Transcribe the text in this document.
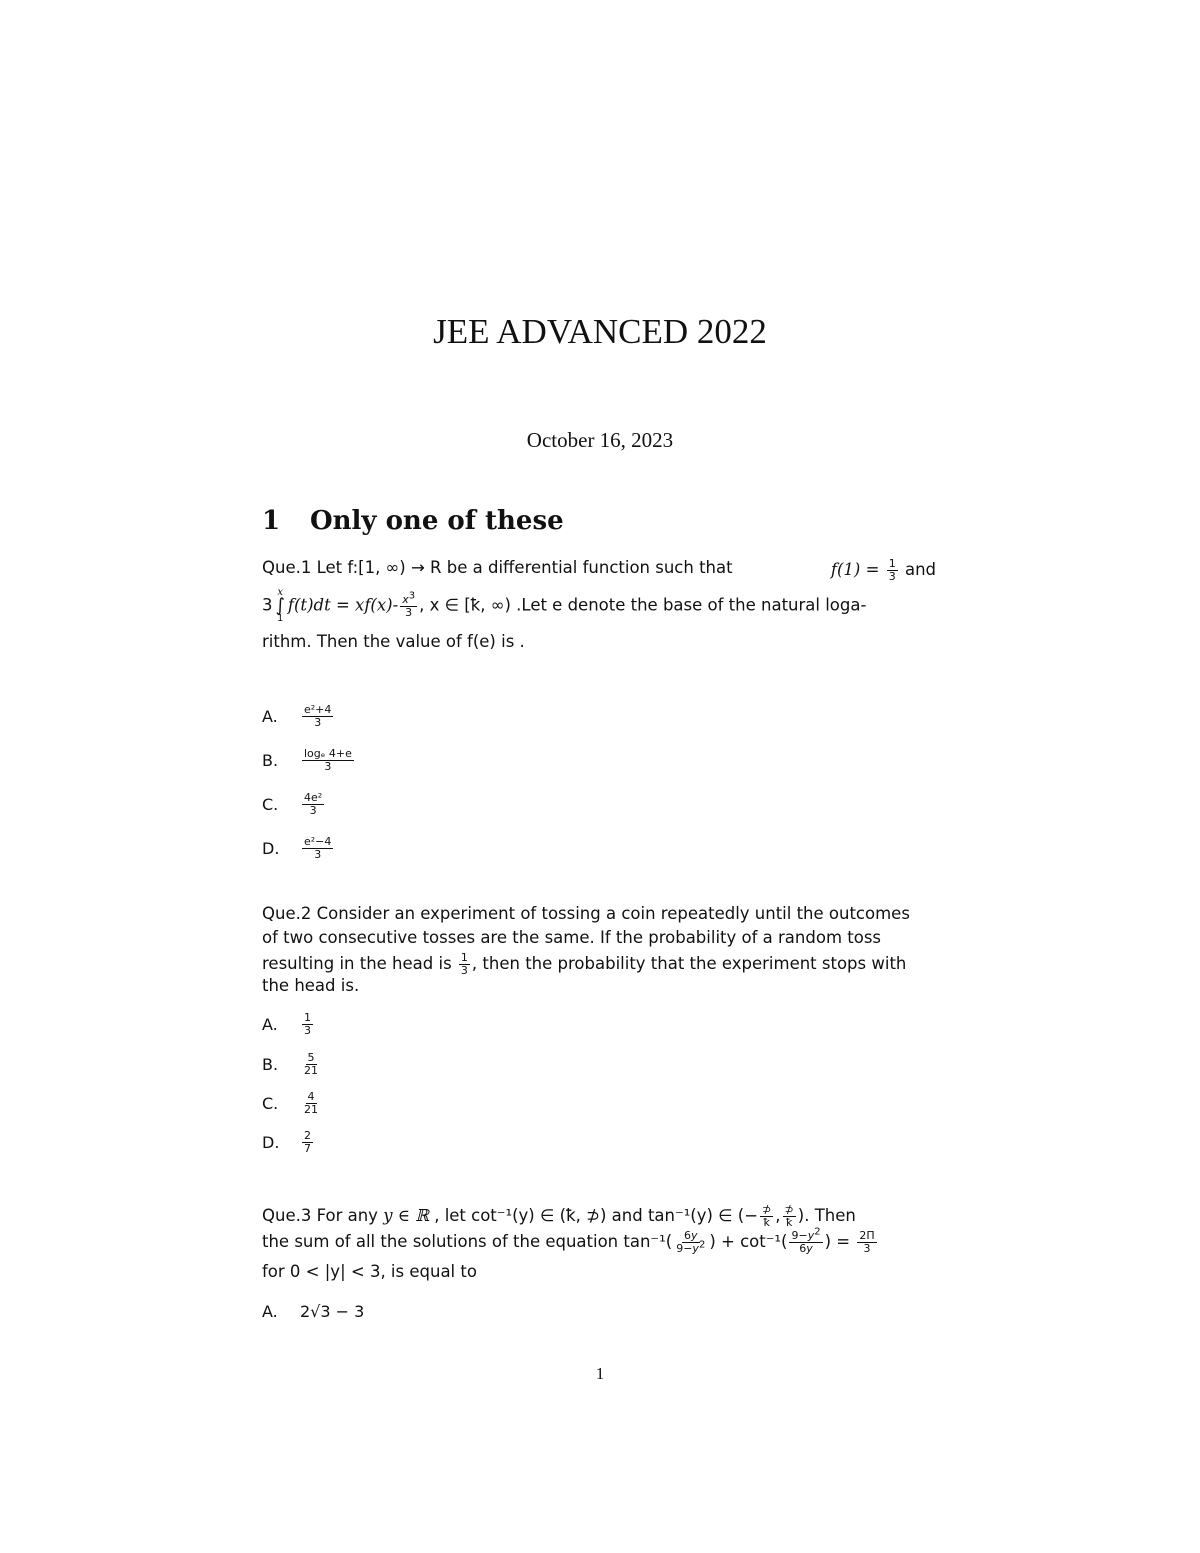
JEE ADVANCED 2022
October 16, 2023
1 Only one of these
Que.1 Let f:[1, ∞) → R be a differential function such that	$f(1) = \frac{1}{3}$ and
3
x
∫
1
$f(t)dt = xf(x)- \frac{x^3}{3}$ , x ∈ [ꝁ, ∞) .Let e denote the base of the natural loga-
rithm. Then the value of f(e) is .
A.	$\frac{\text{e²+4}}{3}$
B.	$\frac{\text{logₑ 4+e}}{3}$
C.	$\frac{\text{4e²}}{3}$
D.	$\frac{\text{e²−4}}{3}$
Que.2 Consider an experiment of tossing a coin repeatedly until the outcomes
of two consecutive tosses are the same. If the probability of a random toss
resulting in the head is $\frac{1}{3}$ , then the probability that the experiment stops with
the head is.
A.	$\frac{1}{3}$
B.	$\frac{5}{21}$
C.	$\frac{4}{21}$
D.	$\frac{2}{7}$
Que.3 For any y ∈ ℝ , let cot⁻¹(y) ∈ (ꝁ, ⊅) and tan⁻¹(y) ∈ (− $\frac{⊅}{\text{ꝁ}}$ , $\frac{⊅}{\text{ꝁ}}$ ). Then
the sum of all the solutions of the equation $\tan^{-1}( \frac{6y}{9-y^2}$ ) + $\cot^{-1}( \frac{9-y^2}{6y}$ ) = $\frac{2\Pi}{3}$
for 0 < |y| < 3, is equal to
A.	2√3 − 3
1
